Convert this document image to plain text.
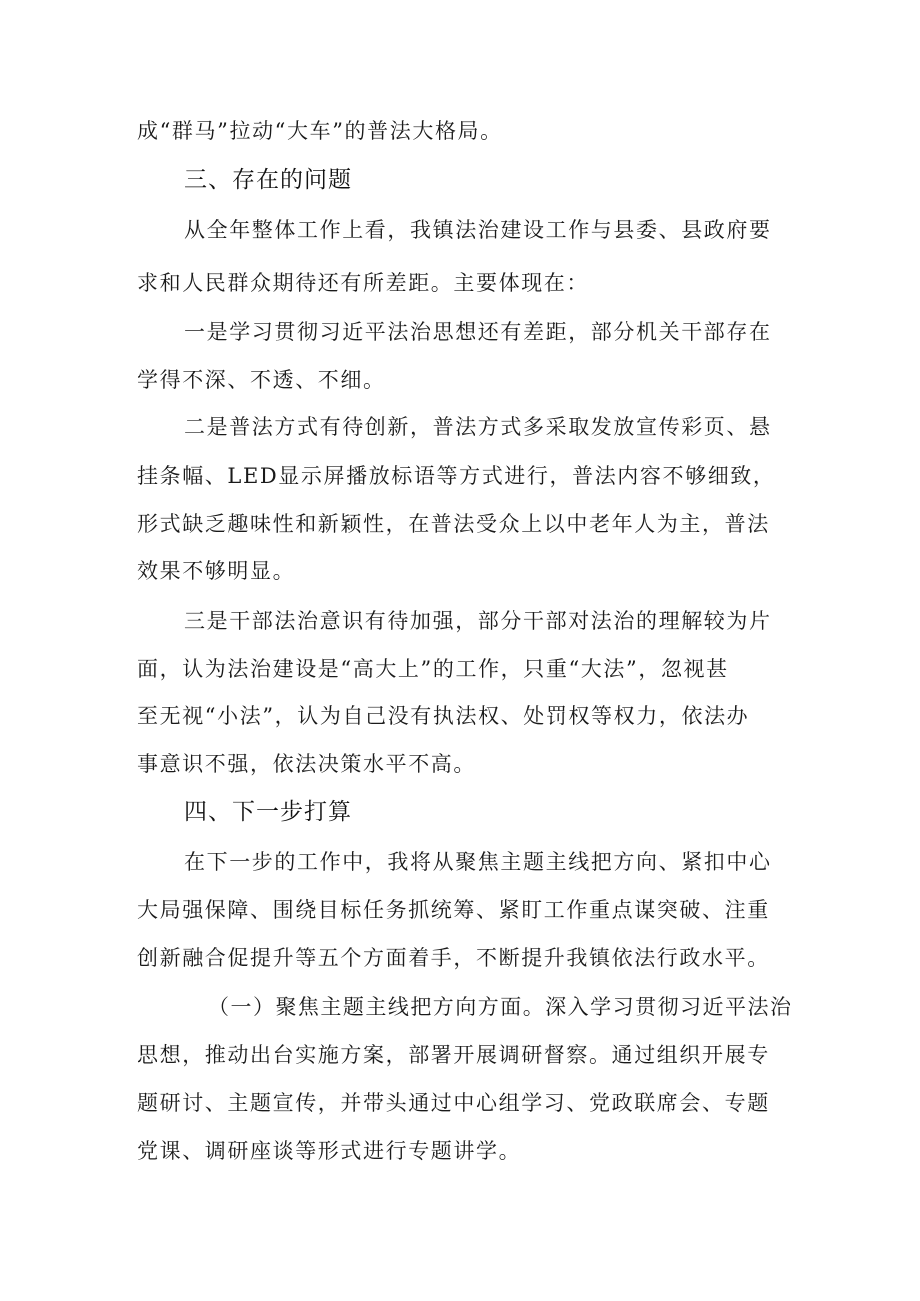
成“群马”拉动“大车”的普法大格局。
三、存在的问题
从全年整体工作上看，我镇法治建设工作与县委、县政府要
求和人民群众期待还有所差距。主要体现在：
一是学习贯彻习近平法治思想还有差距，部分机关干部存在
学得不深、不透、不细。
二是普法方式有待创新，普法方式多采取发放宣传彩页、悬
挂条幅、LED显示屏播放标语等方式进行，普法内容不够细致，
形式缺乏趣味性和新颖性，在普法受众上以中老年人为主，普法
效果不够明显。
三是干部法治意识有待加强，部分干部对法治的理解较为片
面，认为法治建设是“高大上”的工作，只重“大法”，忽视甚
至无视“小法”，认为自己没有执法权、处罚权等权力，依法办
事意识不强，依法决策水平不高。
四、下一步打算
在下一步的工作中，我将从聚焦主题主线把方向、紧扣中心
大局强保障、围绕目标任务抓统筹、紧盯工作重点谋突破、注重
创新融合促提升等五个方面着手，不断提升我镇依法行政水平。
（一）聚焦主题主线把方向方面。深入学习贯彻习近平法治
思想，推动出台实施方案，部署开展调研督察。通过组织开展专
题研讨、主题宣传，并带头通过中心组学习、党政联席会、专题
党课、调研座谈等形式进行专题讲学。
